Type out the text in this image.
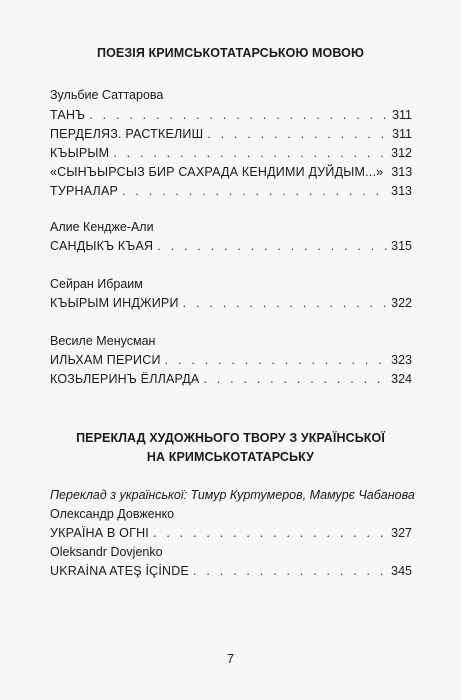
ПОЕЗІЯ КРИМСЬКОТАТАРСЬКОЮ МОВОЮ
Зульбие Саттарова
ТАНЪ . . .	311
ПЕРДЕЛЯЗ. РАСТКЕЛИШ . . .	311
КЪЫРЫМ . . .	312
«СЫНЪЫРСЫЗ БИР САХРАДА КЕНДИМИ ДУЙДЫМ...» 313
ТУРНАЛАР . . .	313
Алие Кендже-Али
САНДЫКЪ КЪАЯ . . .	315
Сейран Ибраим
КЪЫРЫМ ИНДЖИРИ . . .	322
Весиле Менусман
ИЛЬХАМ ПЕРИСИ . . .	323
КОЗЬЛЕРИНЪ ЁЛЛАРДА . . .	324
ПЕРЕКЛАД ХУДОЖНЬОГО ТВОРУ З УКРАЇНСЬКОЇ
НА КРИМСЬКОТАТАРСЬКУ
Переклад з української: Тимур Куртумеров, Мамурє Чабанова
Олександр Довженко
УКРАЇНА В ОГНІ . . .	327
Oleksandr Dovjenko
UKRAİNA ATEŞ İÇİNDE . . .	345
7
